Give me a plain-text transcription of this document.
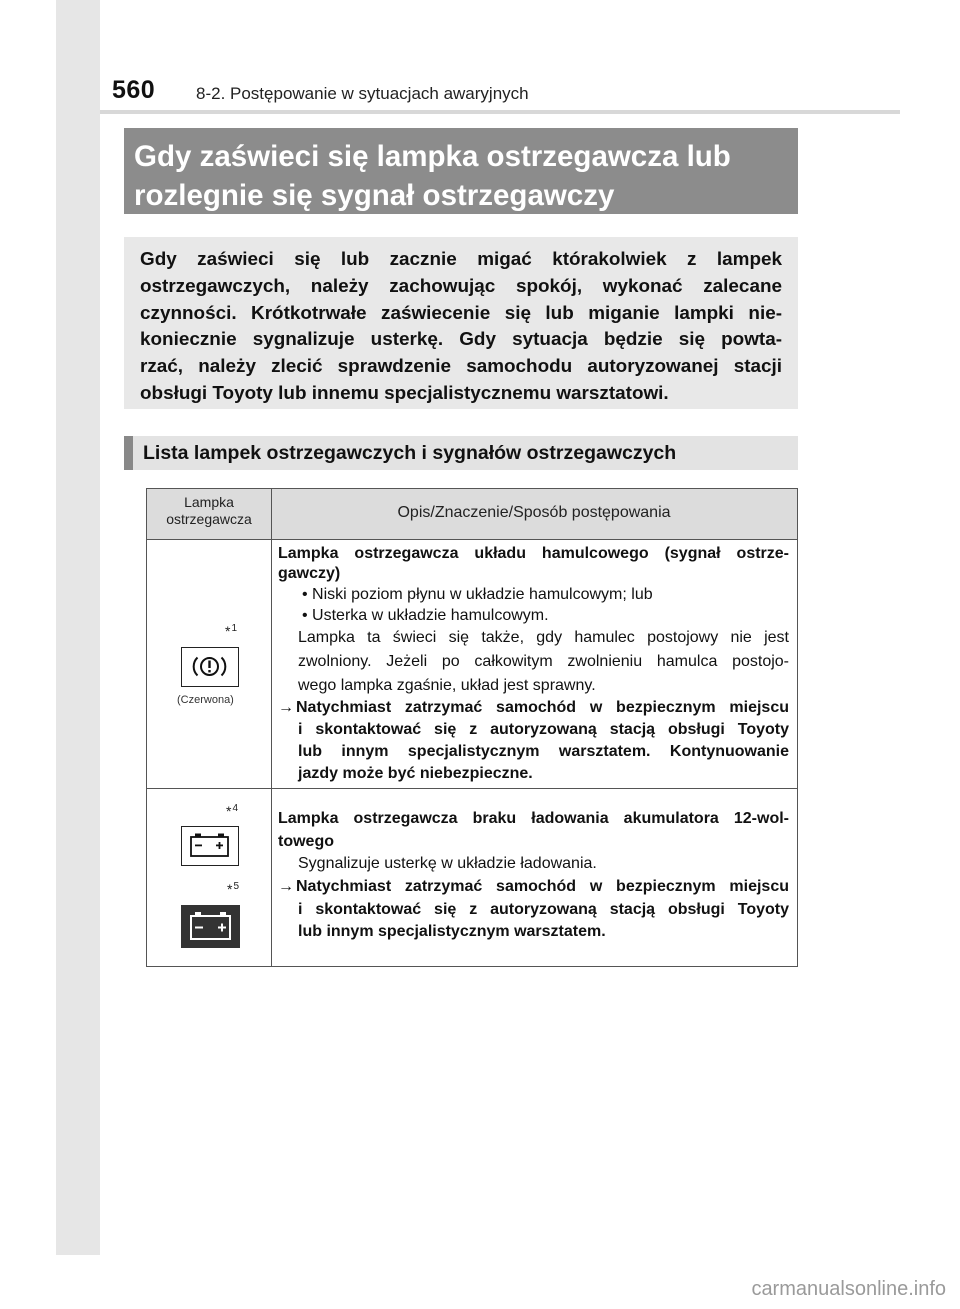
560 8-2. Postępowanie w sytuacjach awaryjnych
Gdy zaświeci się lampka ostrzegawcza lub
rozlegnie się sygnał ostrzegawczy
Gdy zaświeci się lub zacznie migać którakolwiek z lampek
ostrzegawczych, należy zachowując spokój, wykonać zalecane
czynności. Krótkotrwałe zaświecenie się lub miganie lampki nie-
koniecznie sygnalizuje usterkę. Gdy sytuacja będzie się powta-
rzać, należy zlecić sprawdzenie samochodu autoryzowanej stacji
obsługi Toyoty lub innemu specjalistycznemu warsztatowi.
Lista lampek ostrzegawczych i sygnałów ostrzegawczych
Lampka
ostrzegawcza	Opis/Znaczenie/Sposób postępowania
*$^1$
(Czerwona)
Lampka ostrzegawcza układu hamulcowego (sygnał ostrze-
gawczy)
• Niski poziom płynu w układzie hamulcowym; lub
• Usterka w układzie hamulcowym.
Lampka ta świeci się także, gdy hamulec postojowy nie jest
zwolniony. Jeżeli po całkowitym zwolnieniu hamulca postojo-
wego lampka zgaśnie, układ jest sprawny.
→ Natychmiast zatrzymać samochód w bezpiecznym miejscu
i skontaktować się z autoryzowaną stacją obsługi Toyoty
lub innym specjalistycznym warsztatem. Kontynuowanie
jazdy może być niebezpieczne.
*$^4$
*$^5$
Lampka ostrzegawcza braku ładowania akumulatora 12-wol-
towego
Sygnalizuje usterkę w układzie ładowania.
→ Natychmiast zatrzymać samochód w bezpiecznym miejscu
i skontaktować się z autoryzowaną stacją obsługi Toyoty
lub innym specjalistycznym warsztatem.
carmanualsonline.info
